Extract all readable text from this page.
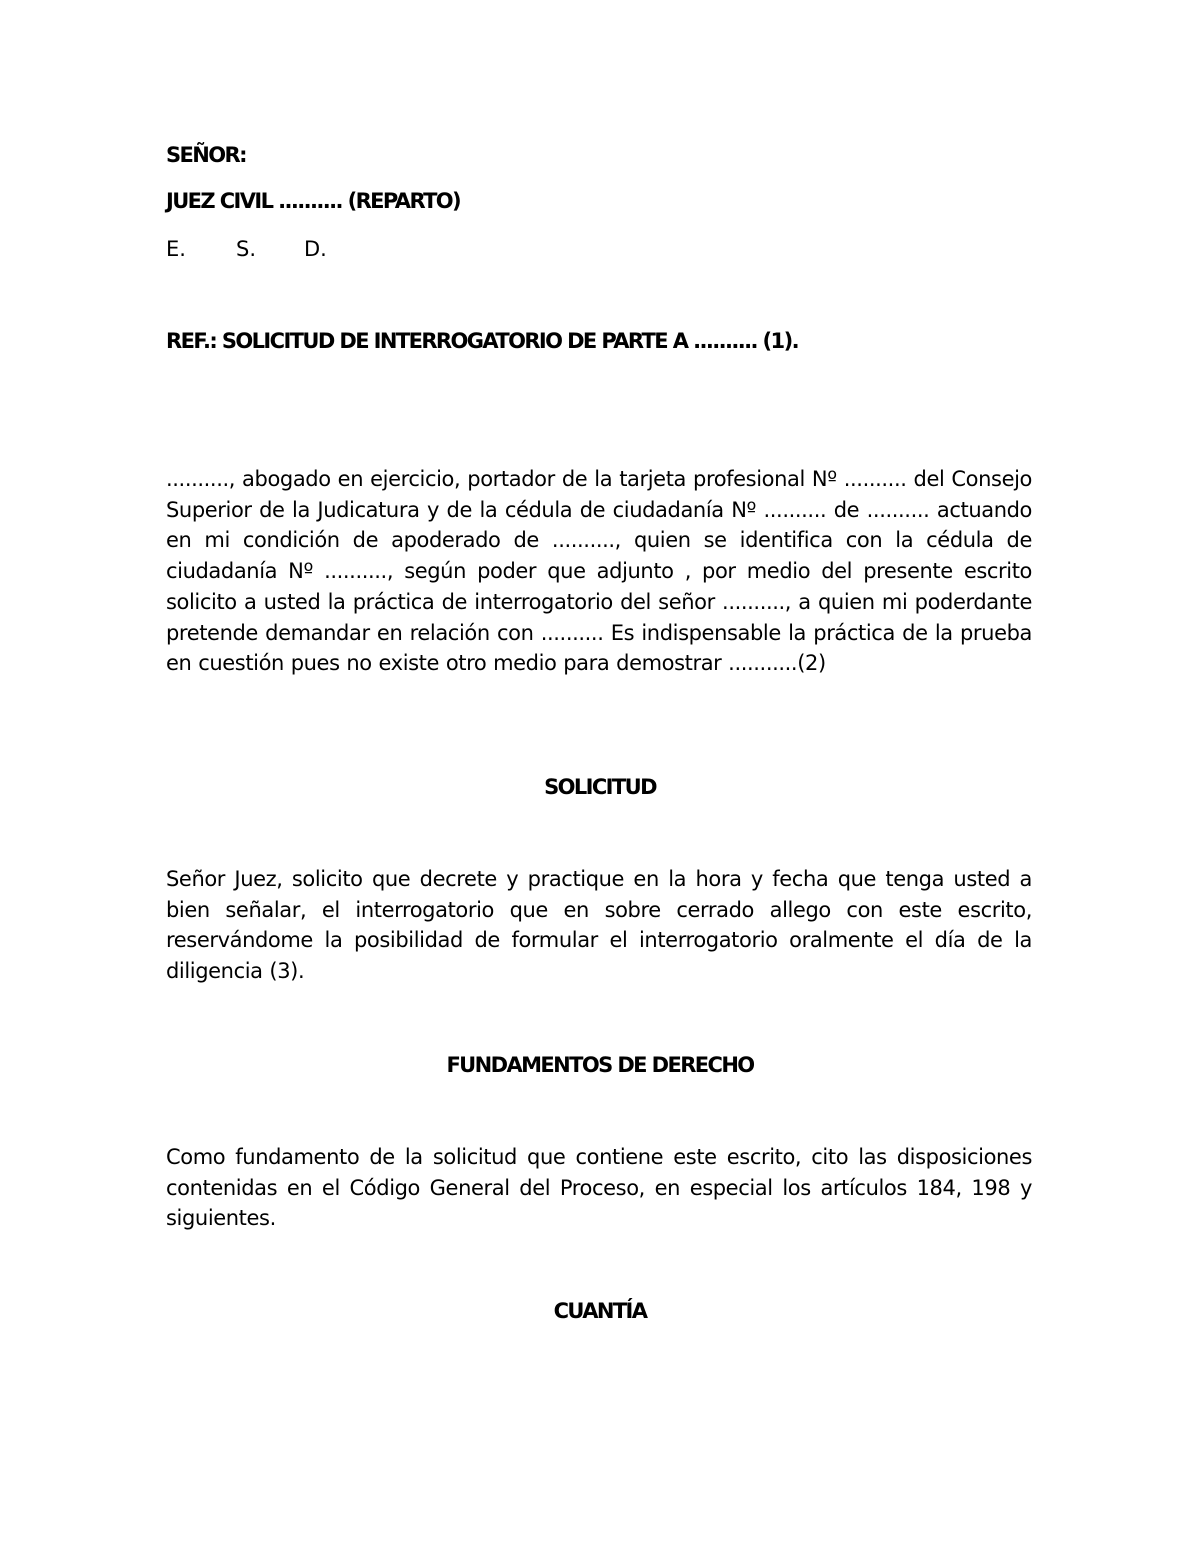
SEÑOR:

JUEZ CIVIL .......... (REPARTO)

E. S. D.

REF.: SOLICITUD DE INTERROGATORIO DE PARTE A .......... (1).

.........., abogado en ejercicio, portador de la tarjeta profesional Nº .......... del Consejo Superior de la Judicatura y de la cédula de ciudadanía Nº .......... de .......... actuando en mi condición de apoderado de .........., quien se identifica con la cédula de ciudadanía Nº .........., según poder que adjunto , por medio del presente escrito solicito a usted la práctica de interrogatorio del señor .........., a quien mi poderdante pretende demandar en relación con .......... Es indispensable la práctica de la prueba en cuestión pues no existe otro medio para demostrar ...........(2)

SOLICITUD

Señor Juez, solicito que decrete y practique en la hora y fecha que tenga usted a bien señalar, el interrogatorio que en sobre cerrado allego con este escrito, reservándome la posibilidad de formular el interrogatorio oralmente el día de la diligencia (3).

FUNDAMENTOS DE DERECHO

Como fundamento de la solicitud que contiene este escrito, cito las disposiciones contenidas en el Código General del Proceso, en especial los artículos 184, 198 y siguientes.

CUANTÍA
